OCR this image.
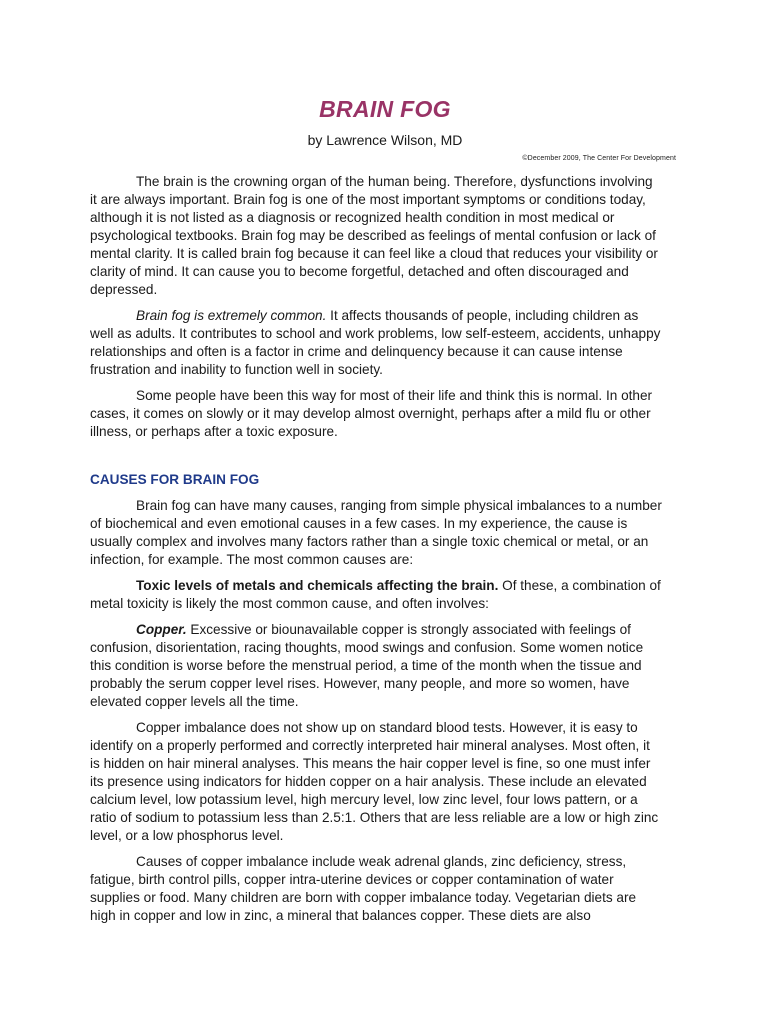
BRAIN FOG

by Lawrence Wilson, MD

©December 2009, The Center For Development

The brain is the crowning organ of the human being. Therefore, dysfunctions involving it are always important. Brain fog is one of the most important symptoms or conditions today, although it is not listed as a diagnosis or recognized health condition in most medical or psychological textbooks. Brain fog may be described as feelings of mental confusion or lack of mental clarity. It is called brain fog because it can feel like a cloud that reduces your visibility or clarity of mind. It can cause you to become forgetful, detached and often discouraged and depressed.

Brain fog is extremely common. It affects thousands of people, including children as well as adults. It contributes to school and work problems, low self-esteem, accidents, unhappy relationships and often is a factor in crime and delinquency because it can cause intense frustration and inability to function well in society.

Some people have been this way for most of their life and think this is normal. In other cases, it comes on slowly or it may develop almost overnight, perhaps after a mild flu or other illness, or perhaps after a toxic exposure.

CAUSES FOR BRAIN FOG

Brain fog can have many causes, ranging from simple physical imbalances to a number of biochemical and even emotional causes in a few cases. In my experience, the cause is usually complex and involves many factors rather than a single toxic chemical or metal, or an infection, for example. The most common causes are:

Toxic levels of metals and chemicals affecting the brain. Of these, a combination of metal toxicity is likely the most common cause, and often involves:

Copper. Excessive or biounavailable copper is strongly associated with feelings of confusion, disorientation, racing thoughts, mood swings and confusion. Some women notice this condition is worse before the menstrual period, a time of the month when the tissue and probably the serum copper level rises. However, many people, and more so women, have elevated copper levels all the time.

Copper imbalance does not show up on standard blood tests. However, it is easy to identify on a properly performed and correctly interpreted hair mineral analyses. Most often, it is hidden on hair mineral analyses. This means the hair copper level is fine, so one must infer its presence using indicators for hidden copper on a hair analysis. These include an elevated calcium level, low potassium level, high mercury level, low zinc level, four lows pattern, or a ratio of sodium to potassium less than 2.5:1. Others that are less reliable are a low or high zinc level, or a low phosphorus level.

Causes of copper imbalance include weak adrenal glands, zinc deficiency, stress, fatigue, birth control pills, copper intra-uterine devices or copper contamination of water supplies or food. Many children are born with copper imbalance today. Vegetarian diets are high in copper and low in zinc, a mineral that balances copper. These diets are also
